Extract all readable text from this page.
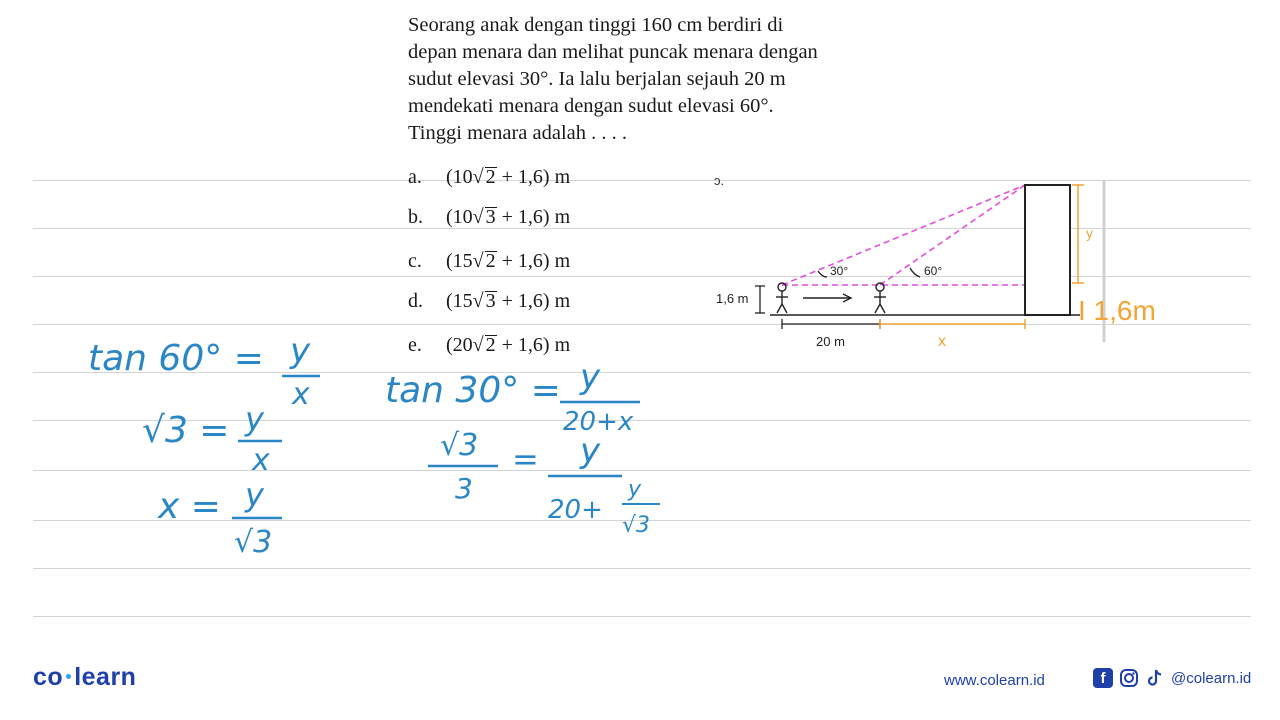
Seorang anak dengan tinggi 160 cm berdiri di
depan menara dan melihat puncak menara dengan
sudut elevasi 30°. Ia lalu berjalan sejauh 20 m
mendekati menara dengan sudut elevasi 60°.
Tinggi menara adalah . . . .
a. (10√ 2 + 1,6) m
b. (10√ 3 + 1,6) m
c. (15√ 2 + 1,6) m
d. (15√ 3 + 1,6) m
e. (20√ 2 + 1,6) m
ɔ.
y
I 1,6m
1,6 m
30°	60°
20 m	x
tan 60° = y
x
√3 = y
x
x = y
√3
tan 30° = y
20+x
√3
3
= y
20+
y
√3
co learn	www.colearn.id	f	@colearn.id
